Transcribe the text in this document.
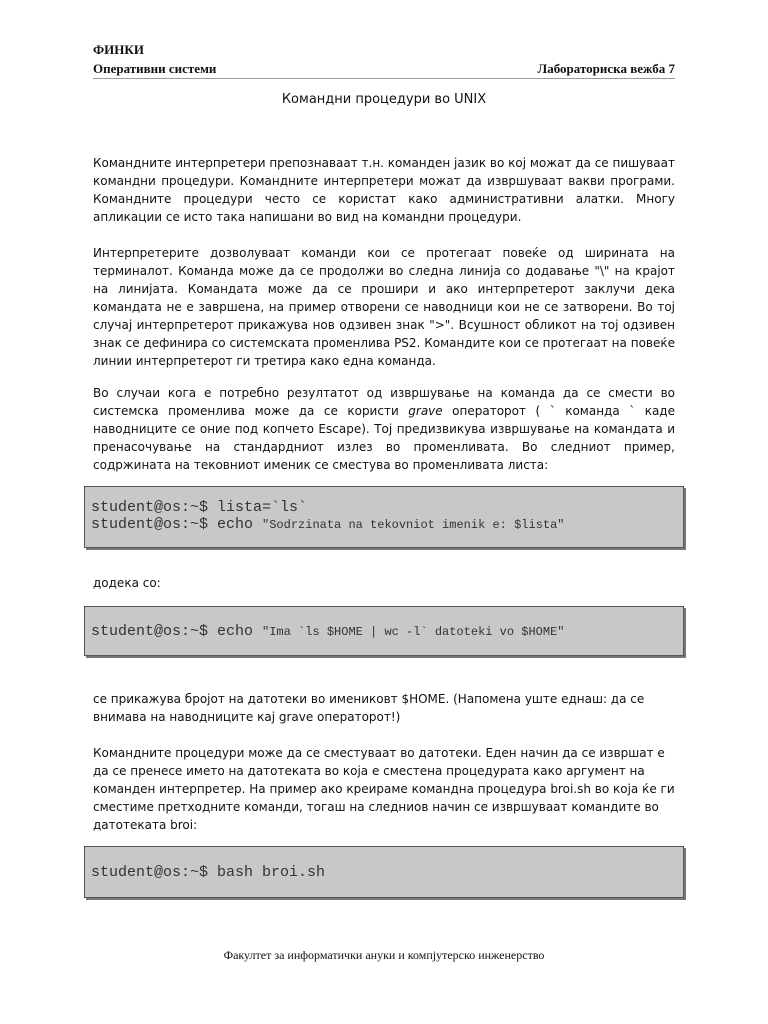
ФИНКИ
Оперативни системи	Лабораториска вежба 7
Командни процедури во UNIX
Командните интерпретери препознаваат т.н. команден јазик во кој можат да се пишуваат командни процедури. Командните интерпретери можат да извршуваат вакви програми. Командните процедури често се користат како административни алатки. Многу апликации се исто така напишани во вид на командни процедури.
Интерпретерите дозволуваат команди кои се протегаат повеќе од ширината на терминалот. Команда може да се продолжи во следна линија со додавање "\" на крајот на линијата. Командата може да се прошири и ако интерпретерот заклучи дека командата не е завршена, на пример отворени се наводници кои не се затворени. Во тој случај интерпретерот прикажува нов одзивен знак ">". Всушност обликот на тој одзивен знак се дефинира со системската променлива PS2. Командите кои се протегаат на повеќе линии интерпретерот ги третира како една команда.
Во случаи кога е потребно резултатот од извршување на команда да се смести во системска променлива може да се користи grave операторот ( ` команда ` каде наводниците се оние под копчето Escape). Тој предизвикува извршување на командата и пренасочување на стандардниот излез во променливата. Во следниот пример, содржината на тековниот именик се сместува во променливата листа:
student@os:~$ lista=`ls`
student@os:~$ echo "Sodrzinata na tekovniot imenik e: $lista"
додека со:
student@os:~$ echo "Ima `ls $HOME | wc -l` datoteki vo $HOME"
се прикажува бројот на датотеки во имениковт $HOME. (Напомена уште еднаш: да се внимава на наводниците кај grave операторот!)
Командните процедури може да се сместуваат во датотеки. Еден начин да се извршат е да се пренесе името на датотеката во која е сместена процедурата како аргумент на команден интерпретер. На пример ако креираме командна процедура broi.sh во која ќе ги сместиме претходните команди, тогаш на следниов начин се извршуваат командите во датотеката broi:
student@os:~$ bash broi.sh
Факултет за информатички ануки и компјутерско инженерство
